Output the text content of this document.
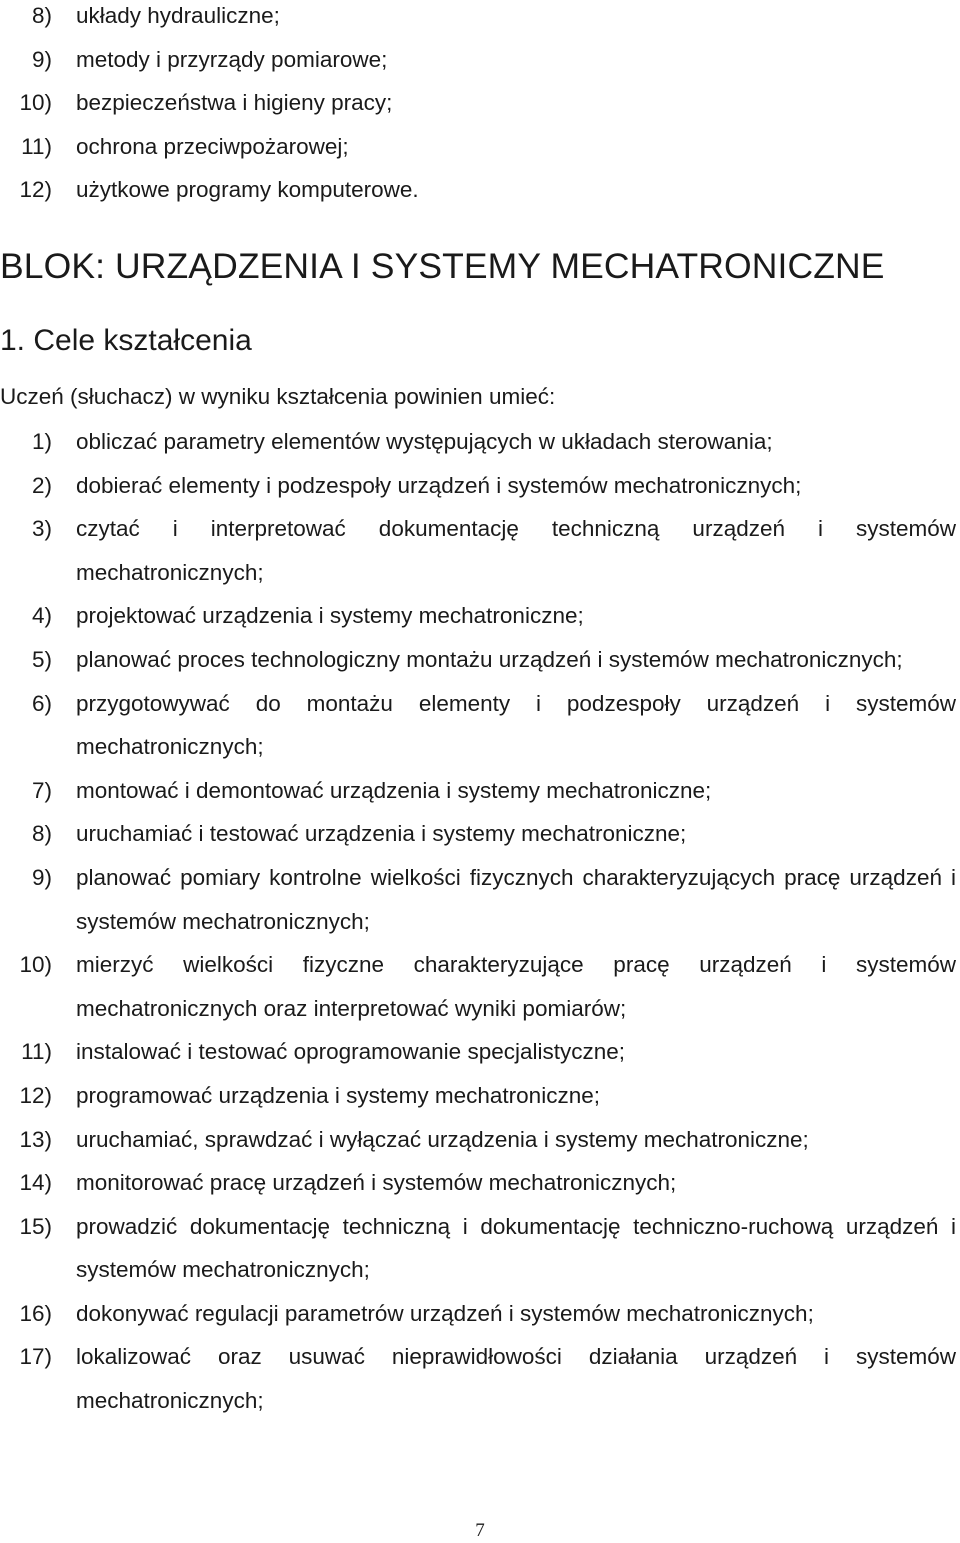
8) układy hydrauliczne;
9) metody i przyrządy pomiarowe;
10) bezpieczeństwa i higieny pracy;
11) ochrona przeciwpożarowej;
12) użytkowe programy komputerowe.
BLOK: URZĄDZENIA I SYSTEMY MECHATRONICZNE
1. Cele kształcenia

Uczeń (słuchacz) w wyniku kształcenia powinien umieć:

1) obliczać parametry elementów występujących w układach sterowania;
2) dobierać elementy i podzespoły urządzeń i systemów mechatronicznych;
3) czytać i interpretować dokumentację techniczną urządzeń i systemów mechatronicznych;
4) projektować urządzenia i systemy mechatroniczne;
5) planować proces technologiczny montażu urządzeń i systemów mechatronicznych;
6) przygotowywać do montażu elementy i podzespoły urządzeń i systemów mechatronicznych;
7) montować i demontować urządzenia i systemy mechatroniczne;
8) uruchamiać i testować urządzenia i systemy mechatroniczne;
9) planować pomiary kontrolne wielkości fizycznych charakteryzujących pracę urządzeń i systemów mechatronicznych;
10) mierzyć wielkości fizyczne charakteryzujące pracę urządzeń i systemów mechatronicznych oraz interpretować wyniki pomiarów;
11) instalować i testować oprogramowanie specjalistyczne;
12) programować urządzenia i systemy mechatroniczne;
13) uruchamiać, sprawdzać i wyłączać urządzenia i systemy mechatroniczne;
14) monitorować pracę urządzeń i systemów mechatronicznych;
15) prowadzić dokumentację techniczną i dokumentację techniczno-ruchową urządzeń i systemów mechatronicznych;
16) dokonywać regulacji parametrów urządzeń i systemów mechatronicznych;
17) lokalizować oraz usuwać nieprawidłowości działania urządzeń i systemów mechatronicznych;
7
